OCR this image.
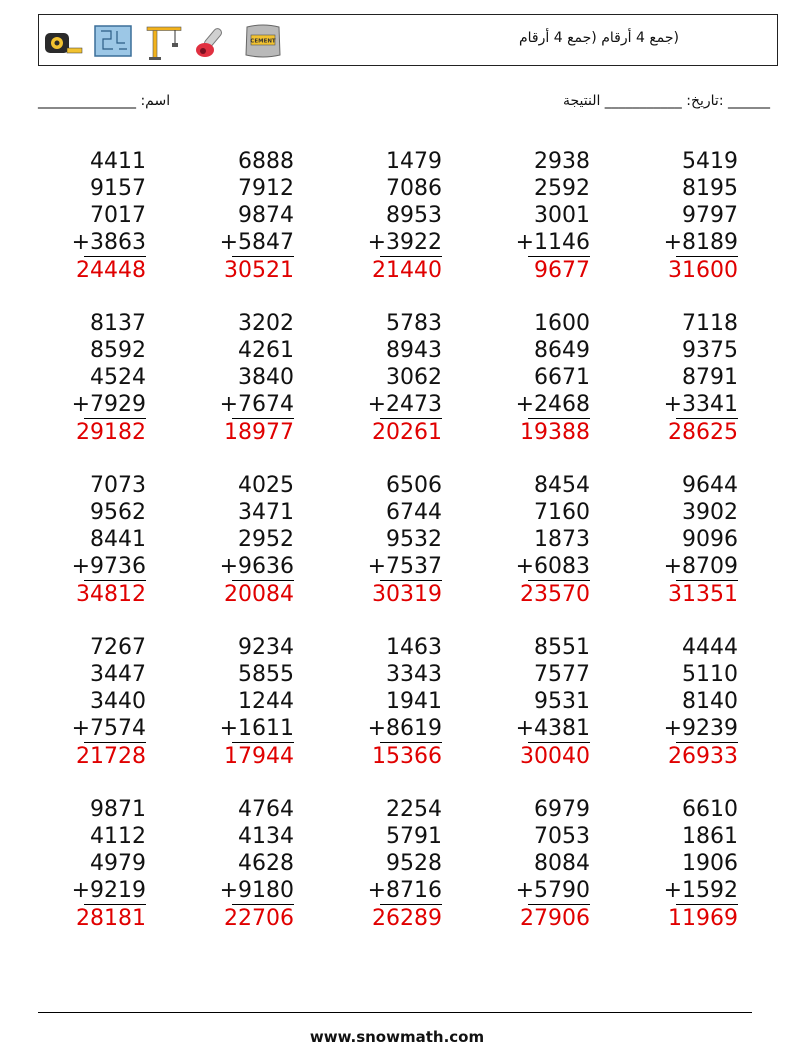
CEMENT	(جمع 4 أرقام (جمع 4 أرقام
اسم: ______________	______ :تاريخ: ___________ النتيجة
4411
9157
7017
+3863
24448
6888
7912
9874
+5847
30521
1479
7086
8953
+3922
21440
2938
2592
3001
+1146
9677
5419
8195
9797
+8189
31600
8137
8592
4524
+7929
29182
3202
4261
3840
+7674
18977
5783
8943
3062
+2473
20261
1600
8649
6671
+2468
19388
7118
9375
8791
+3341
28625
7073
9562
8441
+9736
34812
4025
3471
2952
+9636
20084
6506
6744
9532
+7537
30319
8454
7160
1873
+6083
23570
9644
3902
9096
+8709
31351
7267
3447
3440
+7574
21728
9234
5855
1244
+1611
17944
1463
3343
1941
+8619
15366
8551
7577
9531
+4381
30040
4444
5110
8140
+9239
26933
9871
4112
4979
+9219
28181
4764
4134
4628
+9180
22706
2254
5791
9528
+8716
26289
6979
7053
8084
+5790
27906
6610
1861
1906
+1592
11969
www.snowmath.com
